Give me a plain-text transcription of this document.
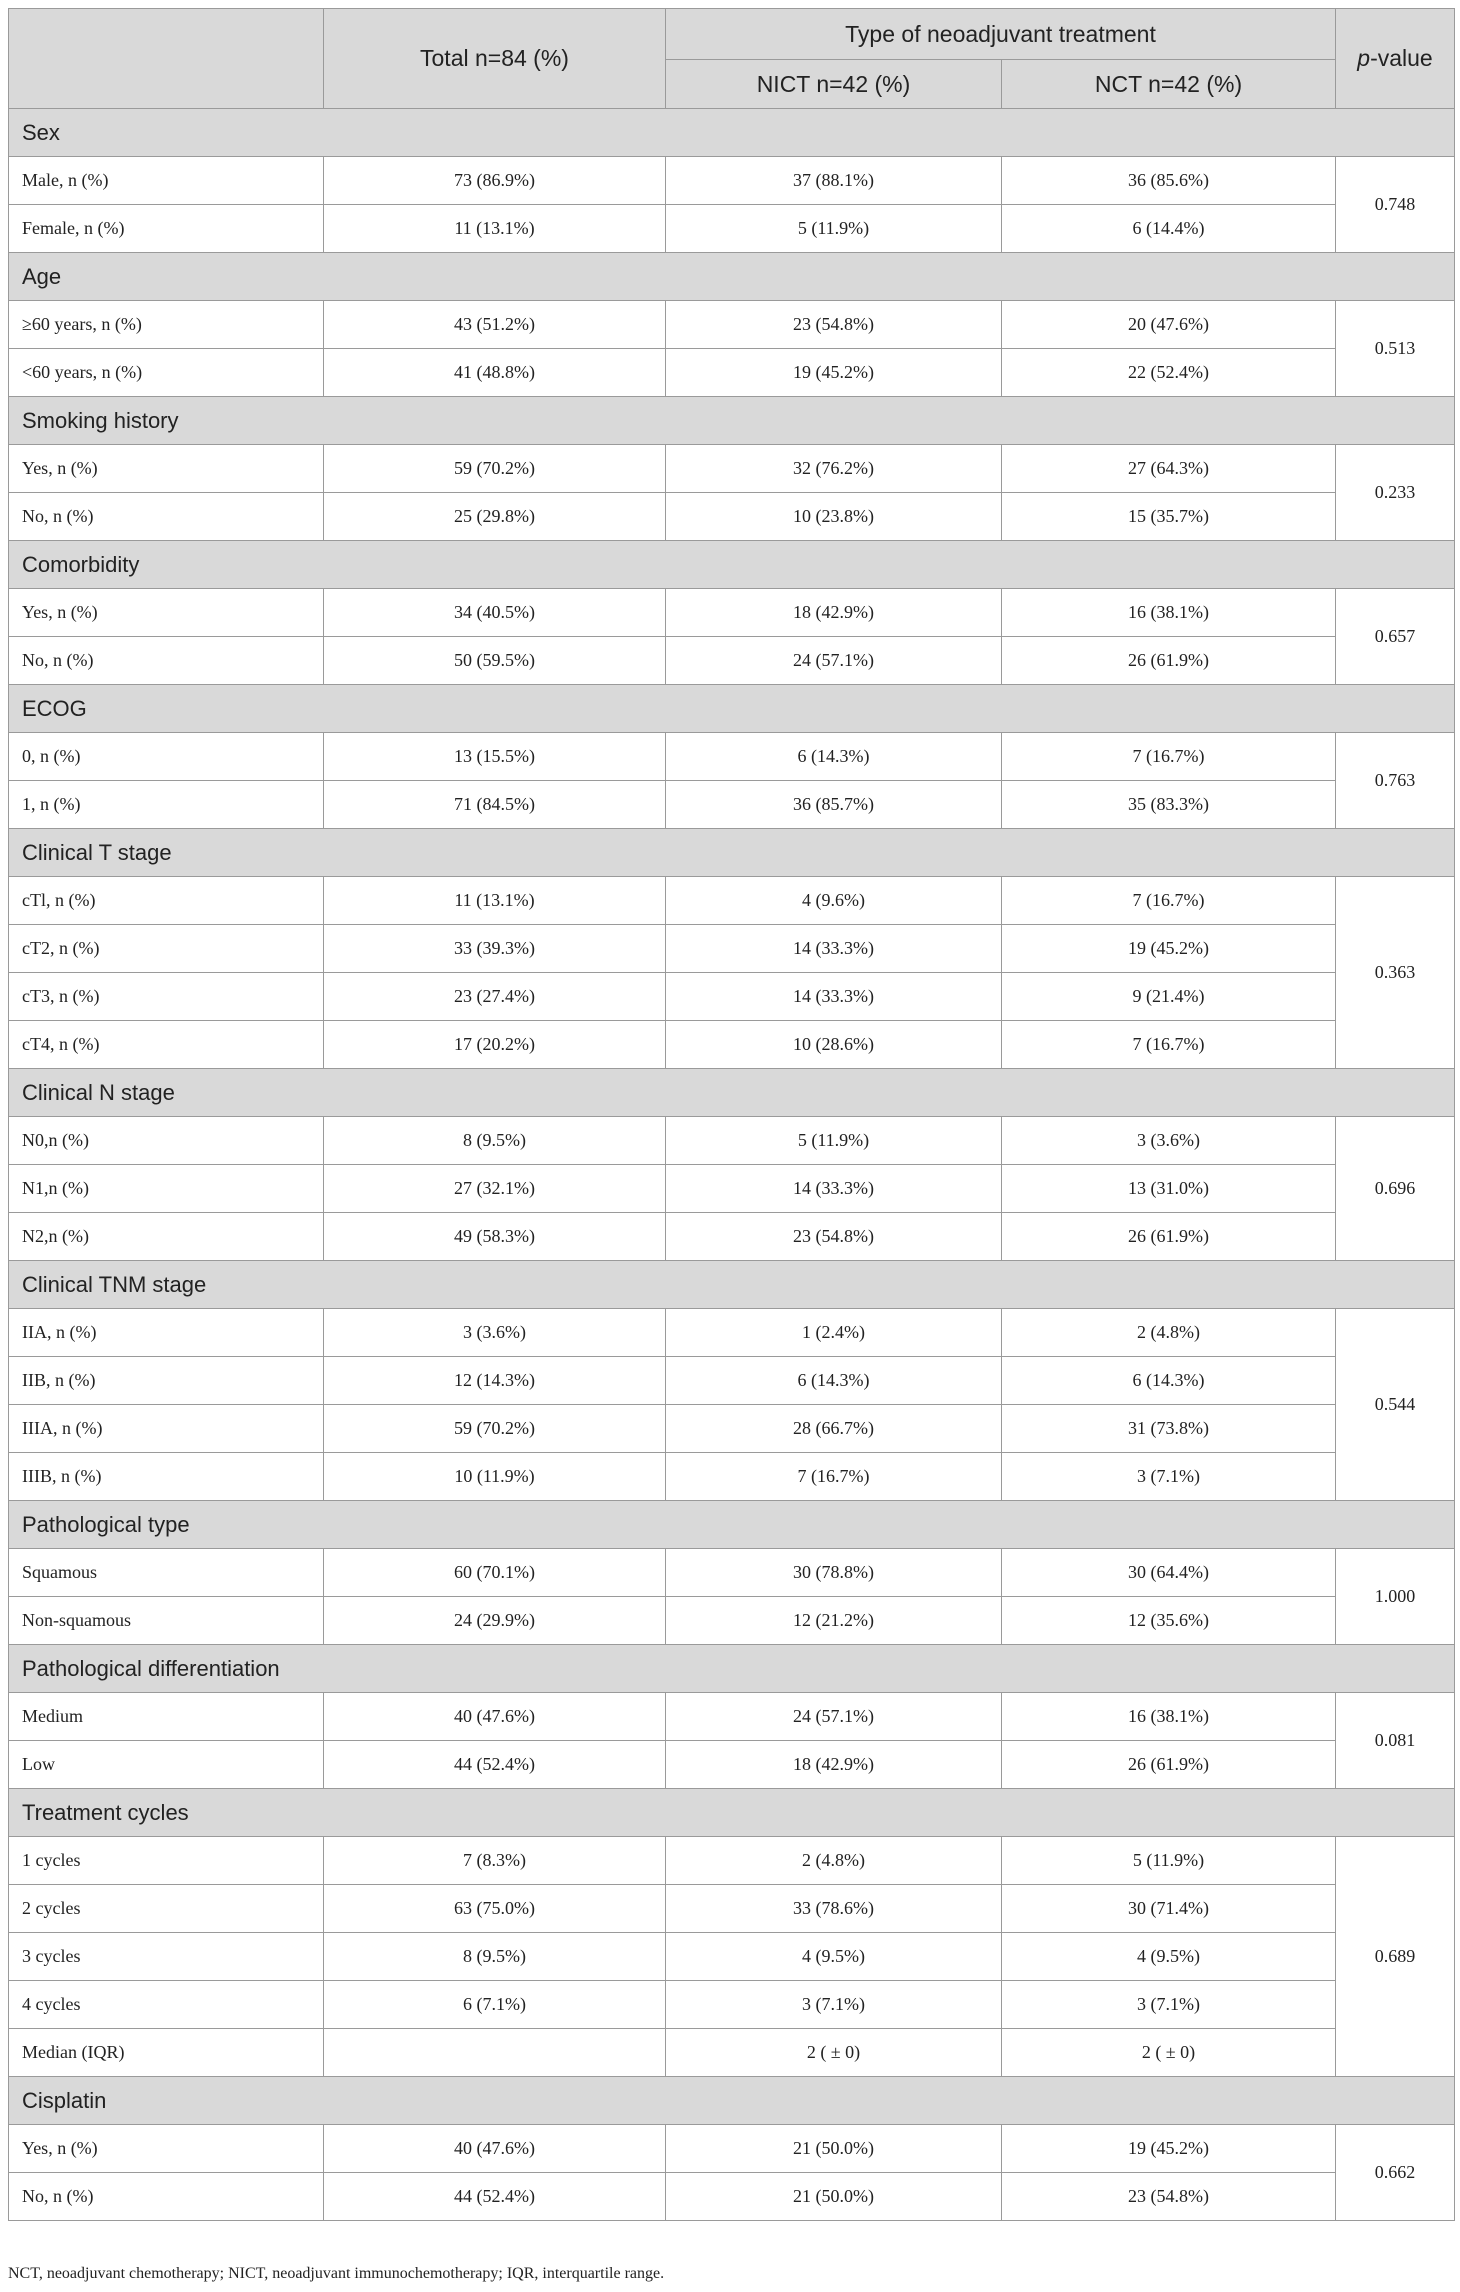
	Total n=84 (%)	Type of neoadjuvant treatment		p-value
		NICT n=42 (%)	NCT n=42 (%)	
Sex				
Male, n (%)	73 (86.9%)	37 (88.1%)	36 (85.6%)	0.748
Female, n (%)	11 (13.1%)	5 (11.9%)	6 (14.4%)	
Age				
≥60 years, n (%)	43 (51.2%)	23 (54.8%)	20 (47.6%)	0.513
<60 years, n (%)	41 (48.8%)	19 (45.2%)	22 (52.4%)	
Smoking history				
Yes, n (%)	59 (70.2%)	32 (76.2%)	27 (64.3%)	0.233
No, n (%)	25 (29.8%)	10 (23.8%)	15 (35.7%)	
Comorbidity				
Yes, n (%)	34 (40.5%)	18 (42.9%)	16 (38.1%)	0.657
No, n (%)	50 (59.5%)	24 (57.1%)	26 (61.9%)	
ECOG				
0, n (%)	13 (15.5%)	6 (14.3%)	7 (16.7%)	0.763
1, n (%)	71 (84.5%)	36 (85.7%)	35 (83.3%)	
Clinical T stage				
cTl, n (%)	11 (13.1%)	4 (9.6%)	7 (16.7%)	0.363
cT2, n (%)	33 (39.3%)	14 (33.3%)	19 (45.2%)	
cT3, n (%)	23 (27.4%)	14 (33.3%)	9 (21.4%)	
cT4, n (%)	17 (20.2%)	10 (28.6%)	7 (16.7%)	
Clinical N stage				
N0,n (%)	8 (9.5%)	5 (11.9%)	3 (3.6%)	0.696
N1,n (%)	27 (32.1%)	14 (33.3%)	13 (31.0%)	
N2,n (%)	49 (58.3%)	23 (54.8%)	26 (61.9%)	
Clinical TNM stage				
IIA, n (%)	3 (3.6%)	1 (2.4%)	2 (4.8%)	0.544
IIB, n (%)	12 (14.3%)	6 (14.3%)	6 (14.3%)	
IIIA, n (%)	59 (70.2%)	28 (66.7%)	31 (73.8%)	
IIIB, n (%)	10 (11.9%)	7 (16.7%)	3 (7.1%)	
Pathological type				
Squamous	60 (70.1%)	30 (78.8%)	30 (64.4%)	1.000
Non-squamous	24 (29.9%)	12 (21.2%)	12 (35.6%)	
Pathological differentiation				
Medium	40 (47.6%)	24 (57.1%)	16 (38.1%)	0.081
Low	44 (52.4%)	18 (42.9%)	26 (61.9%)	
Treatment cycles				
1 cycles	7 (8.3%)	2 (4.8%)	5 (11.9%)	0.689
2 cycles	63 (75.0%)	33 (78.6%)	30 (71.4%)	
3 cycles	8 (9.5%)	4 (9.5%)	4 (9.5%)	
4 cycles	6 (7.1%)	3 (7.1%)	3 (7.1%)	
Median (IQR)		2 ( ± 0)	2 ( ± 0)	
Cisplatin				
Yes, n (%)	40 (47.6%)	21 (50.0%)	19 (45.2%)	0.662
No, n (%)	44 (52.4%)	21 (50.0%)	23 (54.8%)	
NCT, neoadjuvant chemotherapy; NICT, neoadjuvant immunochemotherapy; IQR, interquartile range.
